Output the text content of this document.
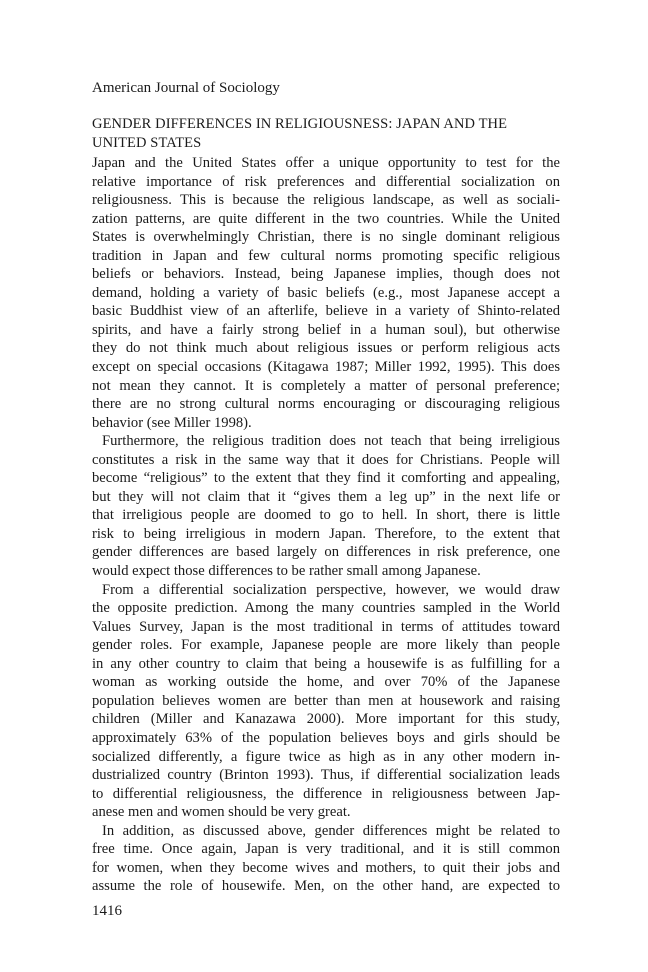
American Journal of Sociology
GENDER DIFFERENCES IN RELIGIOUSNESS: JAPAN AND THE UNITED STATES
Japan and the United States offer a unique opportunity to test for the
relative importance of risk preferences and differential socialization on
religiousness. This is because the religious landscape, as well as sociali-
zation patterns, are quite different in the two countries. While the United
States is overwhelmingly Christian, there is no single dominant religious
tradition in Japan and few cultural norms promoting specific religious
beliefs or behaviors. Instead, being Japanese implies, though does not
demand, holding a variety of basic beliefs (e.g., most Japanese accept a
basic Buddhist view of an afterlife, believe in a variety of Shinto-related
spirits, and have a fairly strong belief in a human soul), but otherwise
they do not think much about religious issues or perform religious acts
except on special occasions (Kitagawa 1987; Miller 1992, 1995). This does
not mean they cannot. It is completely a matter of personal preference;
there are no strong cultural norms encouraging or discouraging religious
behavior (see Miller 1998).
Furthermore, the religious tradition does not teach that being irreligious
constitutes a risk in the same way that it does for Christians. People will
become “religious” to the extent that they find it comforting and appealing,
but they will not claim that it “gives them a leg up” in the next life or
that irreligious people are doomed to go to hell. In short, there is little
risk to being irreligious in modern Japan. Therefore, to the extent that
gender differences are based largely on differences in risk preference, one
would expect those differences to be rather small among Japanese.
From a differential socialization perspective, however, we would draw
the opposite prediction. Among the many countries sampled in the World
Values Survey, Japan is the most traditional in terms of attitudes toward
gender roles. For example, Japanese people are more likely than people
in any other country to claim that being a housewife is as fulfilling for a
woman as working outside the home, and over 70% of the Japanese
population believes women are better than men at housework and raising
children (Miller and Kanazawa 2000). More important for this study,
approximately 63% of the population believes boys and girls should be
socialized differently, a figure twice as high as in any other modern in-
dustrialized country (Brinton 1993). Thus, if differential socialization leads
to differential religiousness, the difference in religiousness between Jap-
anese men and women should be very great.
In addition, as discussed above, gender differences might be related to
free time. Once again, Japan is very traditional, and it is still common
for women, when they become wives and mothers, to quit their jobs and
assume the role of housewife. Men, on the other hand, are expected to
1416
